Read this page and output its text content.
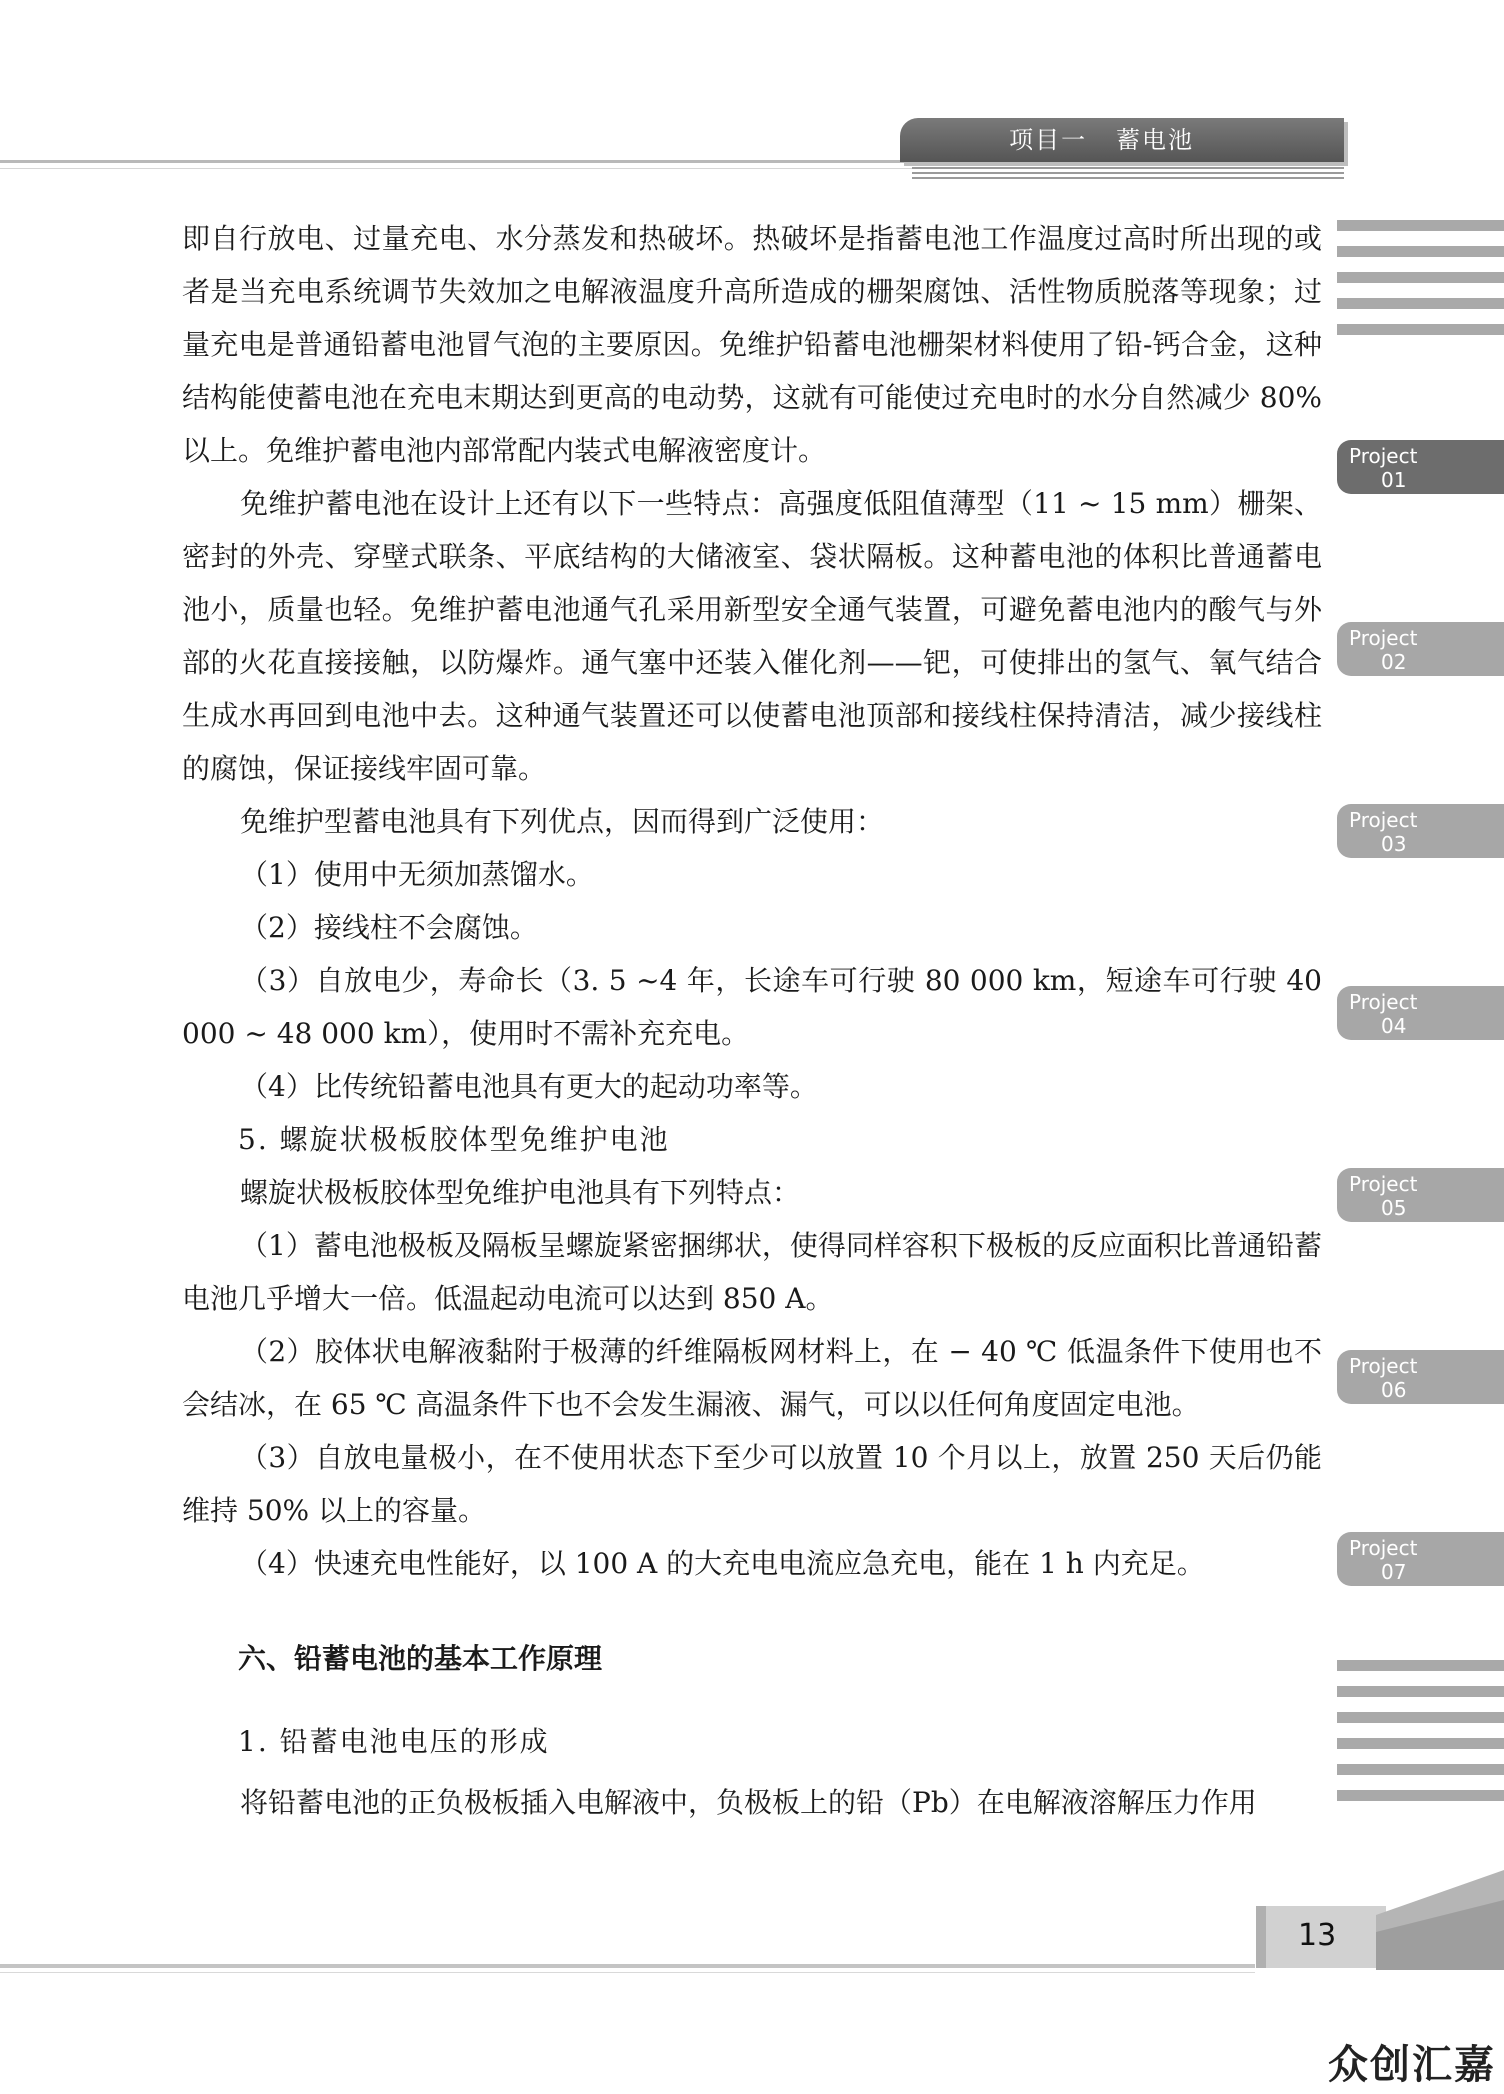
项目一   蓄电池
Project
01
Project
02
Project
03
Project
04
Project
05
Project
06
Project
07

即自行放电、过量充电、水分蒸发和热破坏。热破坏是指蓄电池工作温度过高时所出现的或者是当充电系统调节失效加之电解液温度升高所造成的栅架腐蚀、活性物质脱落等现象；过量充电是普通铅蓄电池冒气泡的主要原因。免维护铅蓄电池栅架材料使用了铅-钙合金，这种结构能使蓄电池在充电末期达到更高的电动势，这就有可能使过充电时的水分自然减少 80% 以上。免维护蓄电池内部常配内装式电解液密度计。

免维护蓄电池在设计上还有以下一些特点：高强度低阻值薄型（11 ~ 15 mm）栅架、密封的外壳、穿壁式联条、平底结构的大储液室、袋状隔板。这种蓄电池的体积比普通蓄电池小，质量也轻。免维护蓄电池通气孔采用新型安全通气装置，可避免蓄电池内的酸气与外部的火花直接接触，以防爆炸。通气塞中还装入催化剂——钯，可使排出的氢气、氧气结合生成水再回到电池中去。这种通气装置还可以使蓄电池顶部和接线柱保持清洁，减少接线柱的腐蚀，保证接线牢固可靠。

免维护型蓄电池具有下列优点，因而得到广泛使用：

（1）使用中无须加蒸馏水。

（2）接线柱不会腐蚀。

（3）自放电少，寿命长（3. 5 ~4 年，长途车可行驶 80 000 km，短途车可行驶 40 000 ~ 48 000 km），使用时不需补充充电。

（4）比传统铅蓄电池具有更大的起动功率等。

5. 螺旋状极板胶体型免维护电池

螺旋状极板胶体型免维护电池具有下列特点：

（1）蓄电池极板及隔板呈螺旋紧密捆绑状，使得同样容积下极板的反应面积比普通铅蓄电池几乎增大一倍。低温起动电流可以达到 850 A。

（2）胶体状电解液黏附于极薄的纤维隔板网材料上，在 − 40 ℃ 低温条件下使用也不会结冰，在 65 ℃ 高温条件下也不会发生漏液、漏气，可以以任何角度固定电池。

（3）自放电量极小，在不使用状态下至少可以放置 10 个月以上，放置 250 天后仍能维持 50% 以上的容量。

（4）快速充电性能好，以 100 A 的大充电电流应急充电，能在 1 h 内充足。

六、铅蓄电池的基本工作原理
1. 铅蓄电池电压的形成

将铅蓄电池的正负极板插入电解液中，负极板上的铅（Pb）在电解液溶解压力作用

13
众创汇嘉
